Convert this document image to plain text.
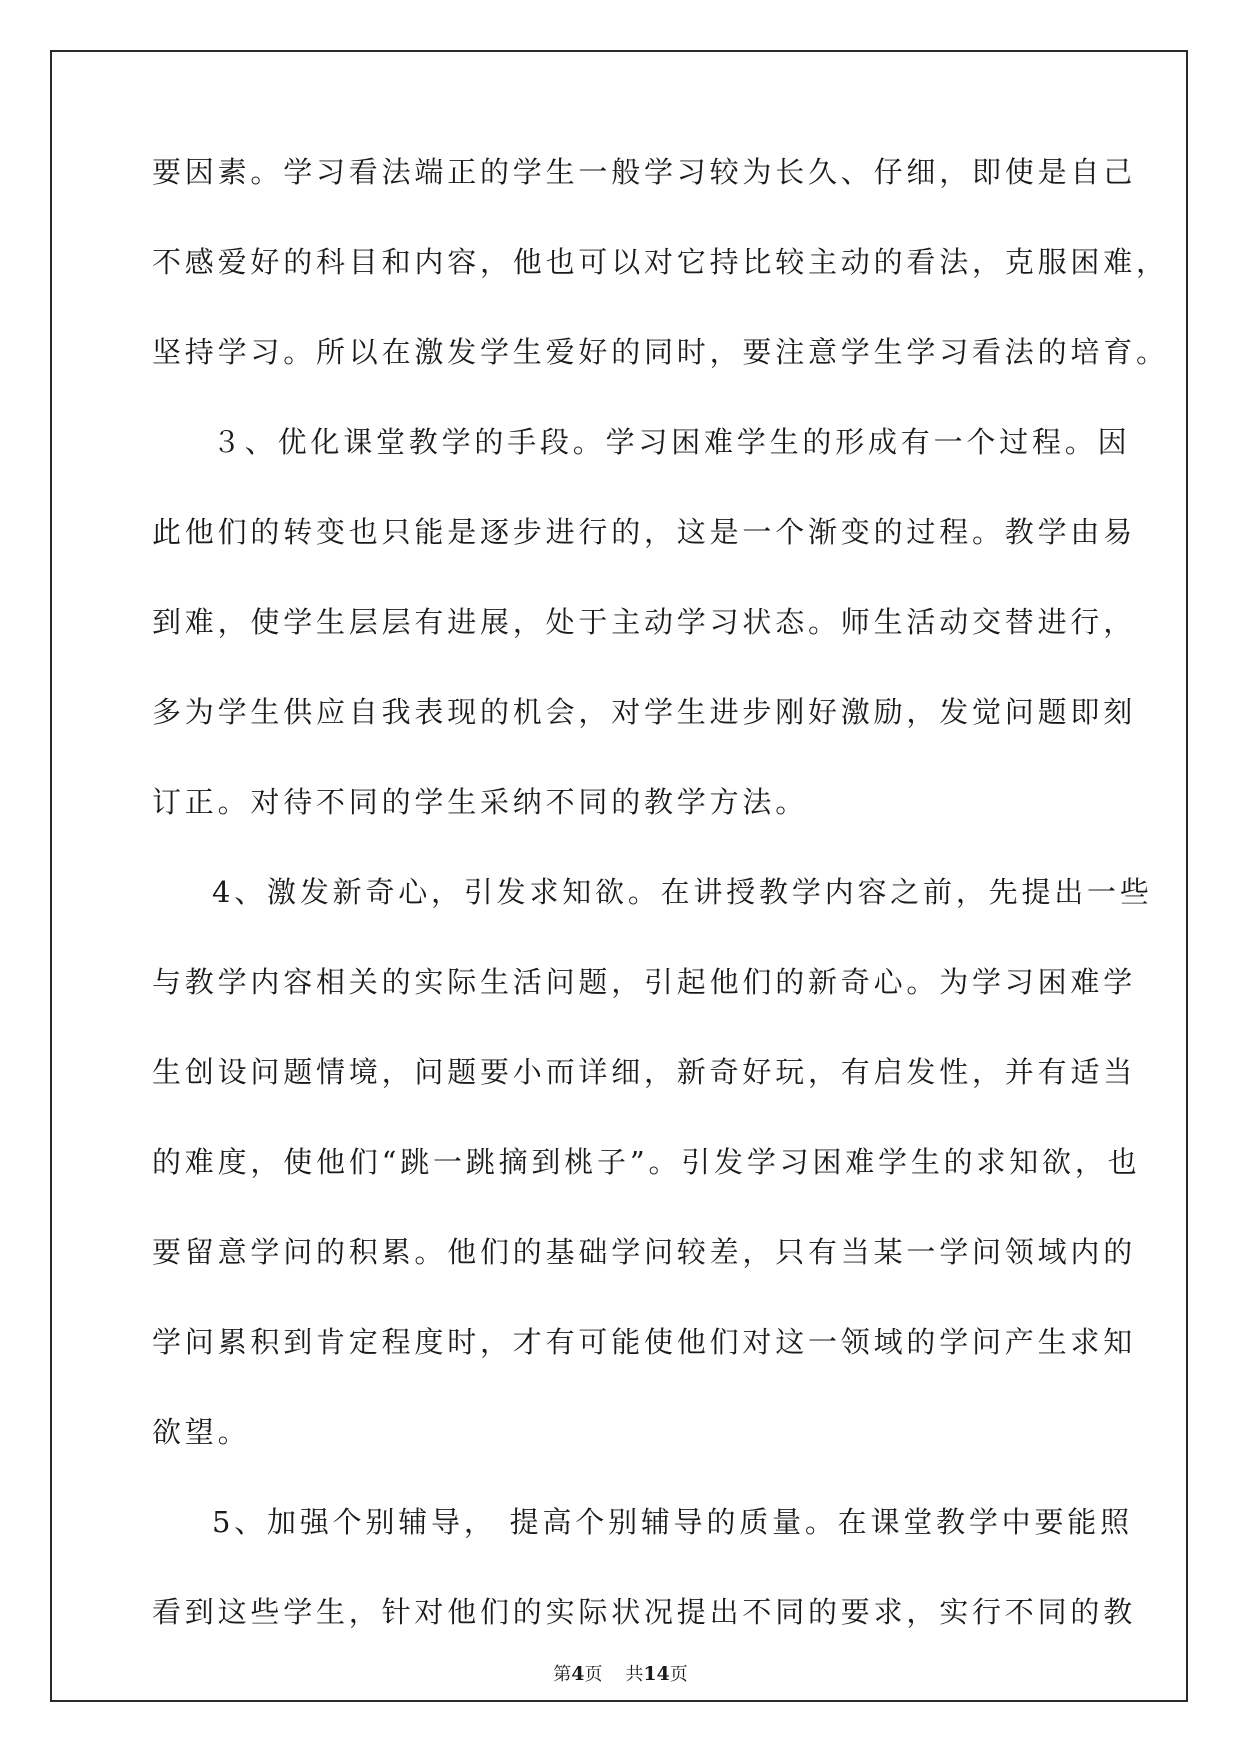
要因素。学习看法端正的学生一般学习较为长久、仔细，即使是自己
不感爱好的科目和内容，他也可以对它持比较主动的看法，克服困难，
坚持学习。所以在激发学生爱好的同时，要注意学生学习看法的培育。
３、优化课堂教学的手段。学习困难学生的形成有一个过程。因
此他们的转变也只能是逐步进行的，这是一个渐变的过程。教学由易
到难，使学生层层有进展，处于主动学习状态。师生活动交替进行，
多为学生供应自我表现的机会，对学生进步刚好激励，发觉问题即刻
订正。对待不同的学生采纳不同的教学方法。
4、激发新奇心，引发求知欲。在讲授教学内容之前，先提出一些
与教学内容相关的实际生活问题，引起他们的新奇心。为学习困难学
生创设问题情境，问题要小而详细，新奇好玩，有启发性，并有适当
的难度，使他们“跳一跳摘到桃子”。引发学习困难学生的求知欲，也
要留意学问的积累。他们的基础学问较差，只有当某一学问领域内的
学问累积到肯定程度时，才有可能使他们对这一领域的学问产生求知
欲望。
5、加强个别辅导， 提高个别辅导的质量。在课堂教学中要能照
看到这些学生，针对他们的实际状况提出不同的要求，实行不同的教
第4页    共14页
